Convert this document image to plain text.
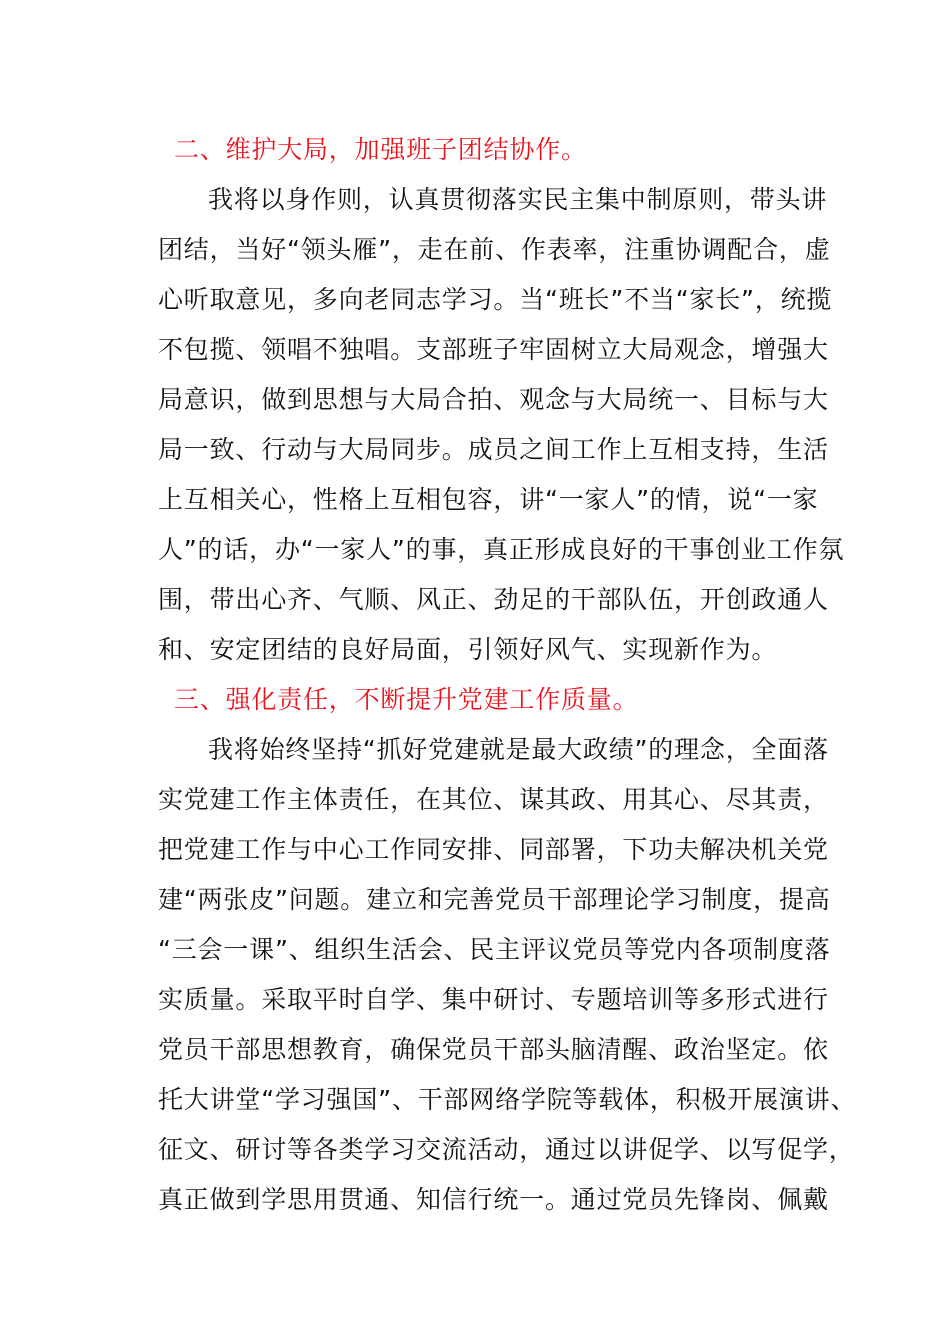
二、维护大局，加强班子团结协作。

我将以身作则，认真贯彻落实民主集中制原则，带头讲

团结，当好“领头雁”，走在前、作表率，注重协调配合，虚

心听取意见，多向老同志学习。当“班长”不当“家长”，统揽

不包揽、领唱不独唱。支部班子牢固树立大局观念，增强大

局意识，做到思想与大局合拍、观念与大局统一、目标与大

局一致、行动与大局同步。成员之间工作上互相支持，生活

上互相关心，性格上互相包容，讲“一家人”的情，说“一家

人”的话，办“一家人”的事，真正形成良好的干事创业工作氛

围，带出心齐、气顺、风正、劲足的干部队伍，开创政通人

和、安定团结的良好局面，引领好风气、实现新作为。

三、强化责任，不断提升党建工作质量。

我将始终坚持“抓好党建就是最大政绩”的理念，全面落

实党建工作主体责任，在其位、谋其政、用其心、尽其责，

把党建工作与中心工作同安排、同部署，下功夫解决机关党

建“两张皮”问题。建立和完善党员干部理论学习制度，提高

“三会一课”、组织生活会、民主评议党员等党内各项制度落

实质量。采取平时自学、集中研讨、专题培训等多形式进行

党员干部思想教育，确保党员干部头脑清醒、政治坚定。依

托大讲堂“学习强国”、干部网络学院等载体，积极开展演讲、

征文、研讨等各类学习交流活动，通过以讲促学、以写促学，

真正做到学思用贯通、知信行统一。通过党员先锋岗、佩戴
